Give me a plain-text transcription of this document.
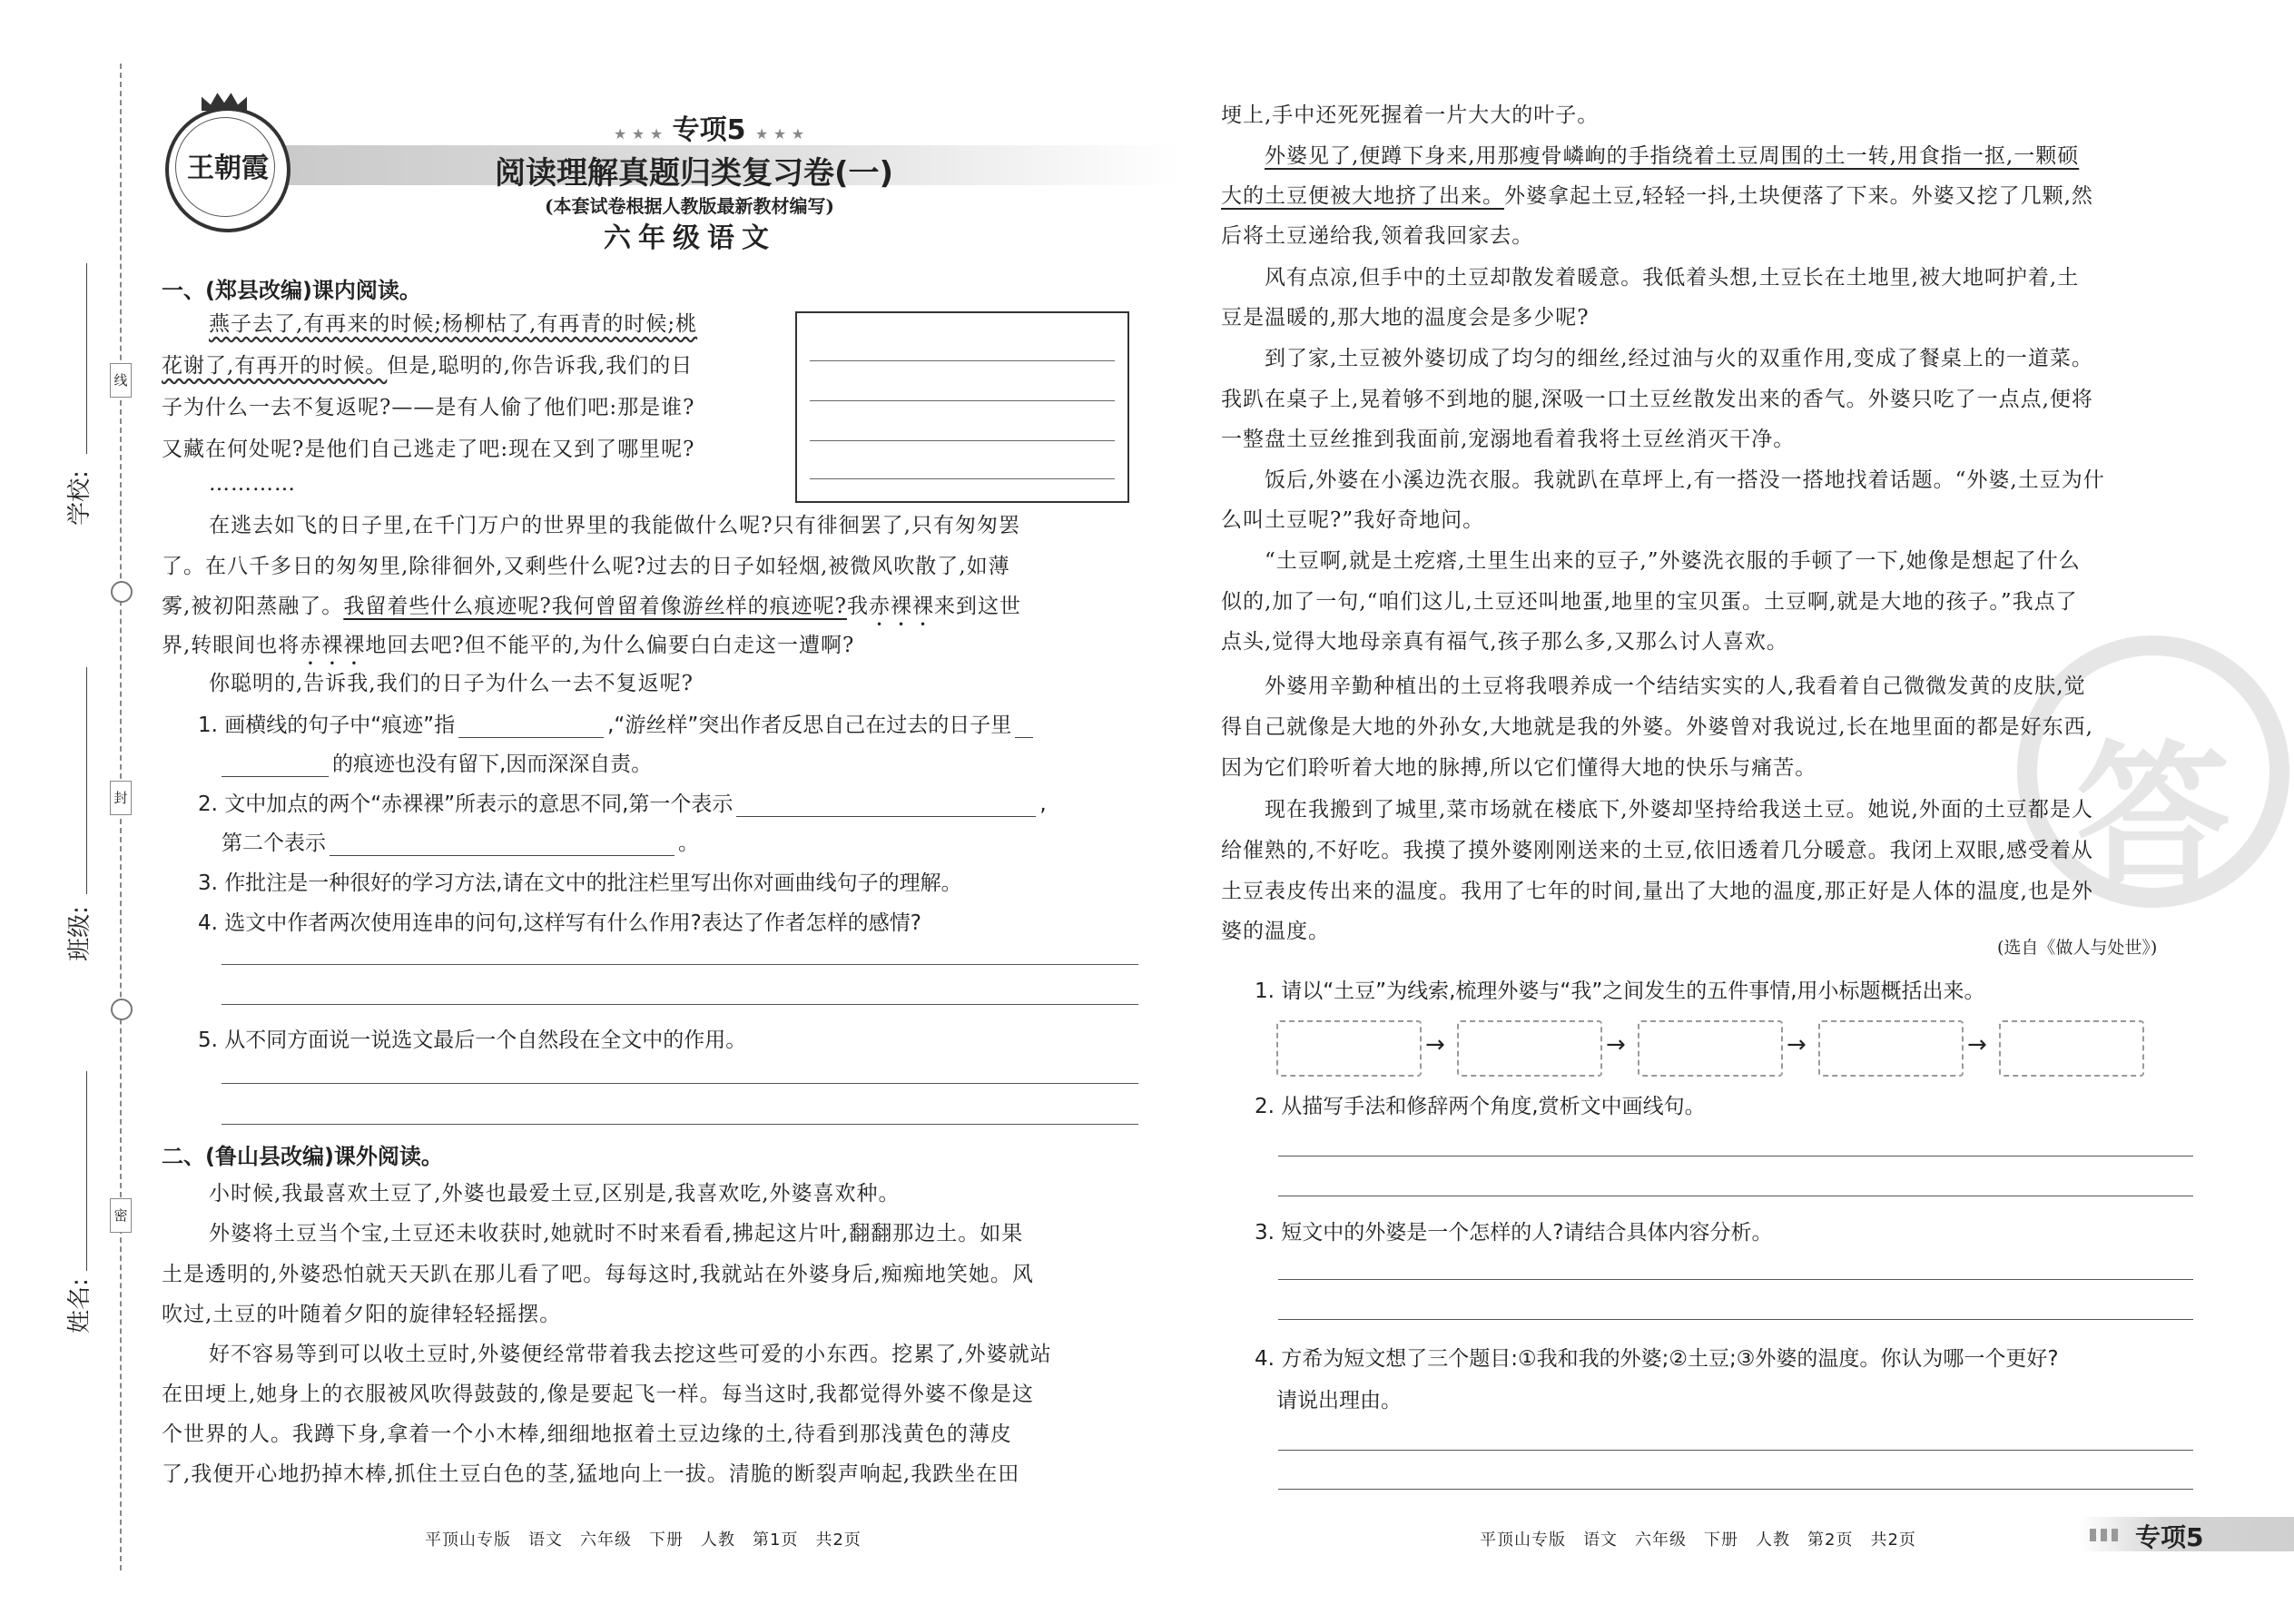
学校:
班级:
姓名:
线
封
密
王朝霞
★ ★ ★ 专项5 ★ ★ ★
阅读理解真题归类复习卷(一)
(本套试卷根据人教版最新教材编写)
六年级语文
一、(郑县改编)课内阅读。
燕子去了,有再来的时候;杨柳枯了,有再青的时候;桃
花谢了,有再开的时候。但是,聪明的,你告诉我,我们的日
子为什么一去不复返呢?——是有人偷了他们吧:那是谁?
又藏在何处呢?是他们自己逃走了吧:现在又到了哪里呢?
…………
在逃去如飞的日子里,在千门万户的世界里的我能做什么呢?只有徘徊罢了,只有匆匆罢
了。在八千多日的匆匆里,除徘徊外,又剩些什么呢?过去的日子如轻烟,被微风吹散了,如薄
雾,被初阳蒸融了。我留着些什么痕迹呢?我何曾留着像游丝样的痕迹呢?我赤裸裸来到这世
界,转眼间也将赤裸裸地回去吧?但不能平的,为什么偏要白白走这一遭啊?
你聪明的,告诉我,我们的日子为什么一去不复返呢?
1. 画横线的句子中“痕迹”指	,“游丝样”突出作者反思自己在过去的日子里
的痕迹也没有留下,因而深深自责。
2. 文中加点的两个“赤裸裸”所表示的意思不同,第一个表示	,
第二个表示	。
3. 作批注是一种很好的学习方法,请在文中的批注栏里写出你对画曲线句子的理解。
4. 选文中作者两次使用连串的问句,这样写有什么作用?表达了作者怎样的感情?
5. 从不同方面说一说选文最后一个自然段在全文中的作用。
二、(鲁山县改编)课外阅读。
小时候,我最喜欢土豆了,外婆也最爱土豆,区别是,我喜欢吃,外婆喜欢种。
外婆将土豆当个宝,土豆还未收获时,她就时不时来看看,拂起这片叶,翻翻那边土。如果
土是透明的,外婆恐怕就天天趴在那儿看了吧。每每这时,我就站在外婆身后,痴痴地笑她。风
吹过,土豆的叶随着夕阳的旋律轻轻摇摆。
好不容易等到可以收土豆时,外婆便经常带着我去挖这些可爱的小东西。挖累了,外婆就站
在田埂上,她身上的衣服被风吹得鼓鼓的,像是要起飞一样。每当这时,我都觉得外婆不像是这
个世界的人。我蹲下身,拿着一个小木棒,细细地抠着土豆边缘的土,待看到那浅黄色的薄皮
了,我便开心地扔掉木棒,抓住土豆白色的茎,猛地向上一拔。清脆的断裂声响起,我跌坐在田
平顶山专版　语文　六年级　下册　人教　第1页　共2页
答
埂上,手中还死死握着一片大大的叶子。
外婆见了,便蹲下身来,用那瘦骨嶙峋的手指绕着土豆周围的土一转,用食指一抠,一颗硕
大的土豆便被大地挤了出来。外婆拿起土豆,轻轻一抖,土块便落了下来。外婆又挖了几颗,然
后将土豆递给我,领着我回家去。
风有点凉,但手中的土豆却散发着暖意。我低着头想,土豆长在土地里,被大地呵护着,土
豆是温暖的,那大地的温度会是多少呢?
到了家,土豆被外婆切成了均匀的细丝,经过油与火的双重作用,变成了餐桌上的一道菜。
我趴在桌子上,晃着够不到地的腿,深吸一口土豆丝散发出来的香气。外婆只吃了一点点,便将
一整盘土豆丝推到我面前,宠溺地看着我将土豆丝消灭干净。
饭后,外婆在小溪边洗衣服。我就趴在草坪上,有一搭没一搭地找着话题。“外婆,土豆为什
么叫土豆呢?”我好奇地问。
“土豆啊,就是土疙瘩,土里生出来的豆子,”外婆洗衣服的手顿了一下,她像是想起了什么
似的,加了一句,“咱们这儿,土豆还叫地蛋,地里的宝贝蛋。土豆啊,就是大地的孩子。”我点了
点头,觉得大地母亲真有福气,孩子那么多,又那么讨人喜欢。
外婆用辛勤种植出的土豆将我喂养成一个结结实实的人,我看着自己微微发黄的皮肤,觉
得自己就像是大地的外孙女,大地就是我的外婆。外婆曾对我说过,长在地里面的都是好东西,
因为它们聆听着大地的脉搏,所以它们懂得大地的快乐与痛苦。
现在我搬到了城里,菜市场就在楼底下,外婆却坚持给我送土豆。她说,外面的土豆都是人
给催熟的,不好吃。我摸了摸外婆刚刚送来的土豆,依旧透着几分暖意。我闭上双眼,感受着从
土豆表皮传出来的温度。我用了七年的时间,量出了大地的温度,那正好是人体的温度,也是外
婆的温度。
(选自《做人与处世》)
1. 请以“土豆”为线索,梳理外婆与“我”之间发生的五件事情,用小标题概括出来。
→	→	→	→
2. 从描写手法和修辞两个角度,赏析文中画线句。
3. 短文中的外婆是一个怎样的人?请结合具体内容分析。
4. 方希为短文想了三个题目:①我和我的外婆;②土豆;③外婆的温度。你认为哪一个更好?
请说出理由。
平顶山专版　语文　六年级　下册　人教　第2页　共2页	专项5
